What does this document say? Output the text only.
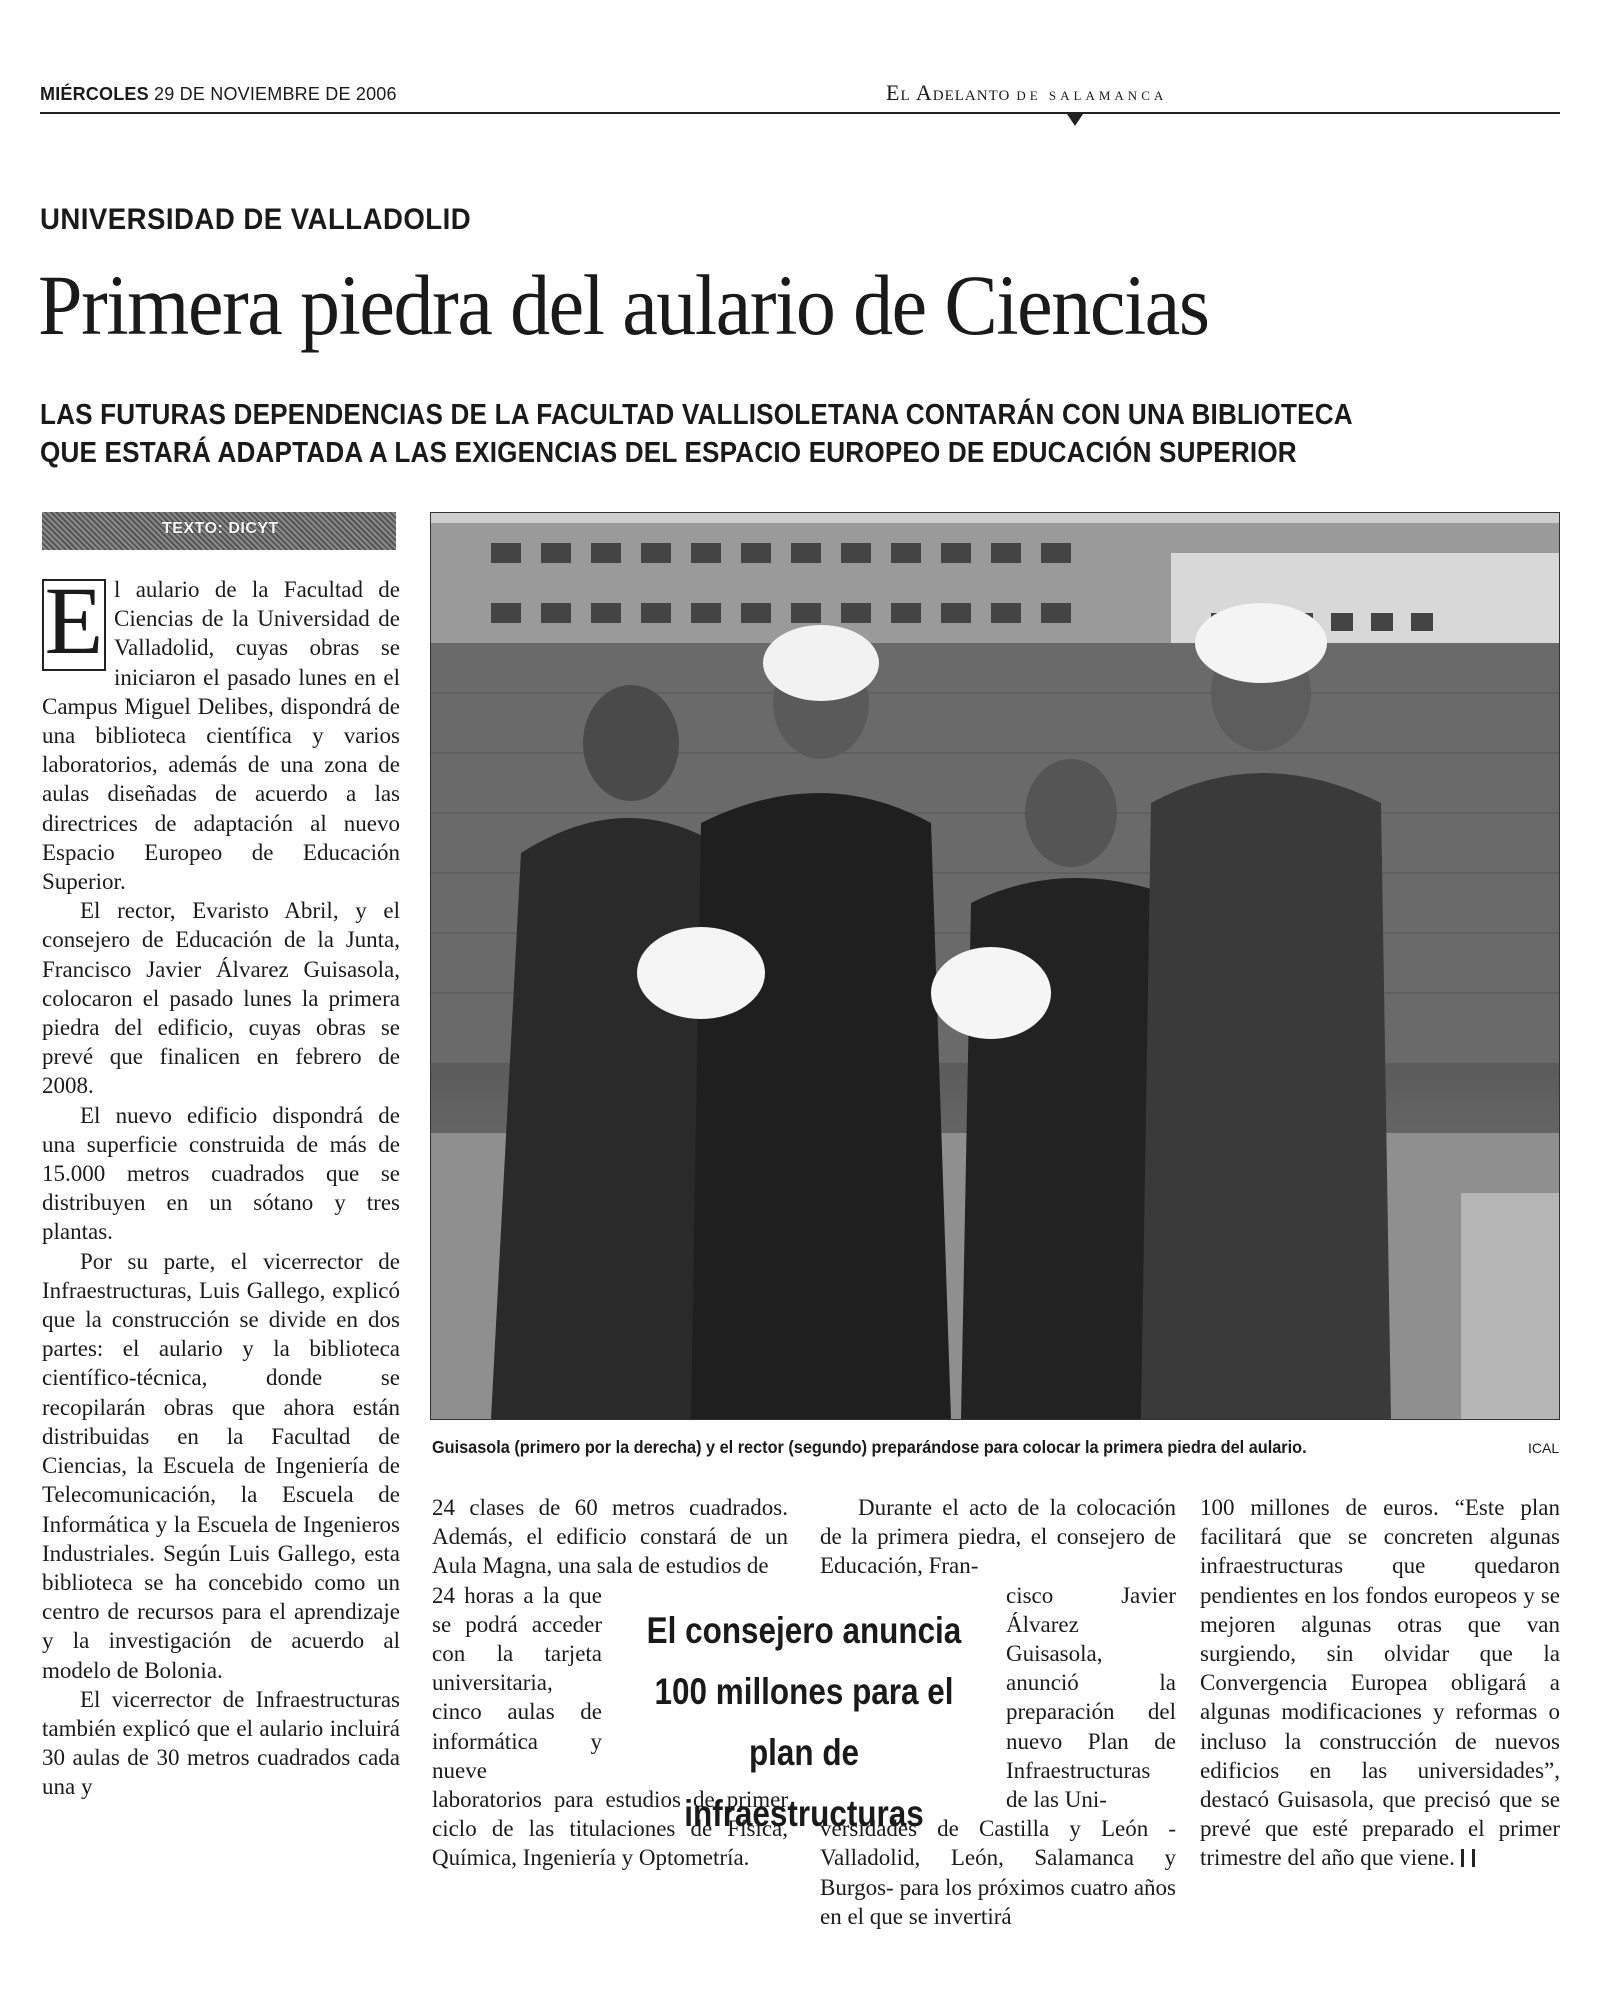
MIÉRCOLES 29 DE NOVIEMBRE DE 2006	El Adelanto DE SALAMANCA
UNIVERSIDAD DE VALLADOLID
Primera piedra del aulario de Ciencias
LAS FUTURAS DEPENDENCIAS DE LA FACULTAD VALLISOLETANA CONTARÁN CON UNA BIBLIOTECA
QUE ESTARÁ ADAPTADA A LAS EXIGENCIAS DEL ESPACIO EUROPEO DE EDUCACIÓN SUPERIOR
TEXTO: DICYT

E l aulario de la Facultad de Ciencias de la Universidad de Valladolid, cuyas obras se iniciaron el pasado lunes en el Campus Miguel Delibes, dispondrá de una biblioteca científica y varios laboratorios, además de una zona de aulas diseñadas de acuerdo a las directrices de adaptación al nuevo Espacio Europeo de Educación Superior.

El rector, Evaristo Abril, y el consejero de Educación de la Junta, Francisco Javier Álvarez Guisasola, colocaron el pasado lunes la primera piedra del edificio, cuyas obras se prevé que finalicen en febrero de 2008.

El nuevo edificio dispondrá de una superficie construida de más de 15.000 metros cuadrados que se distribuyen en un sótano y tres plantas.

Por su parte, el vicerrector de Infraestructuras, Luis Gallego, explicó que la construcción se divide en dos partes: el aulario y la biblioteca científico-técnica, donde se recopilarán obras que ahora están distribuidas en la Facultad de Ciencias, la Escuela de Ingeniería de Telecomunicación, la Escuela de Informática y la Escuela de Ingenieros Industriales. Según Luis Gallego, esta biblioteca se ha concebido como un centro de recursos para el aprendizaje y la investigación de acuerdo al modelo de Bolonia.

El vicerrector de Infraestructuras también explicó que el aulario incluirá 30 aulas de 30 metros cuadrados cada una y

Guisasola (primero por la derecha) y el rector (segundo) preparándose para colocar la primera piedra del aulario.	ICAL

24 clases de 60 metros cuadrados. Además, el edificio constará de un Aula Magna, una sala de estudios de

24 horas a la que se podrá acceder con la tarjeta universitaria, cinco aulas de informática y nueve

laboratorios para estudios de primer ciclo de las titulaciones de Física, Química, Ingeniería y Optometría.

Durante el acto de la colocación de la primera piedra, el consejero de Educación, Fran-

cisco Javier Álvarez Guisasola, anunció la preparación del nuevo Plan de Infraestructuras de las Uni-

versidades de Castilla y León -Valladolid, León, Salamanca y Burgos- para los próximos cuatro años en el que se invertirá

El consejero anuncia 100 millones para el plan de infraestructuras

100 millones de euros. “Este plan facilitará que se concreten algunas infraestructuras que quedaron pendientes en los fondos europeos y se mejoren algunas otras que van surgiendo, sin olvidar que la Convergencia Europea obligará a algunas modificaciones y reformas o incluso la construcción de nuevos edificios en las universidades”, destacó Guisasola, que precisó que se prevé que esté preparado el primer trimestre del año que viene.
